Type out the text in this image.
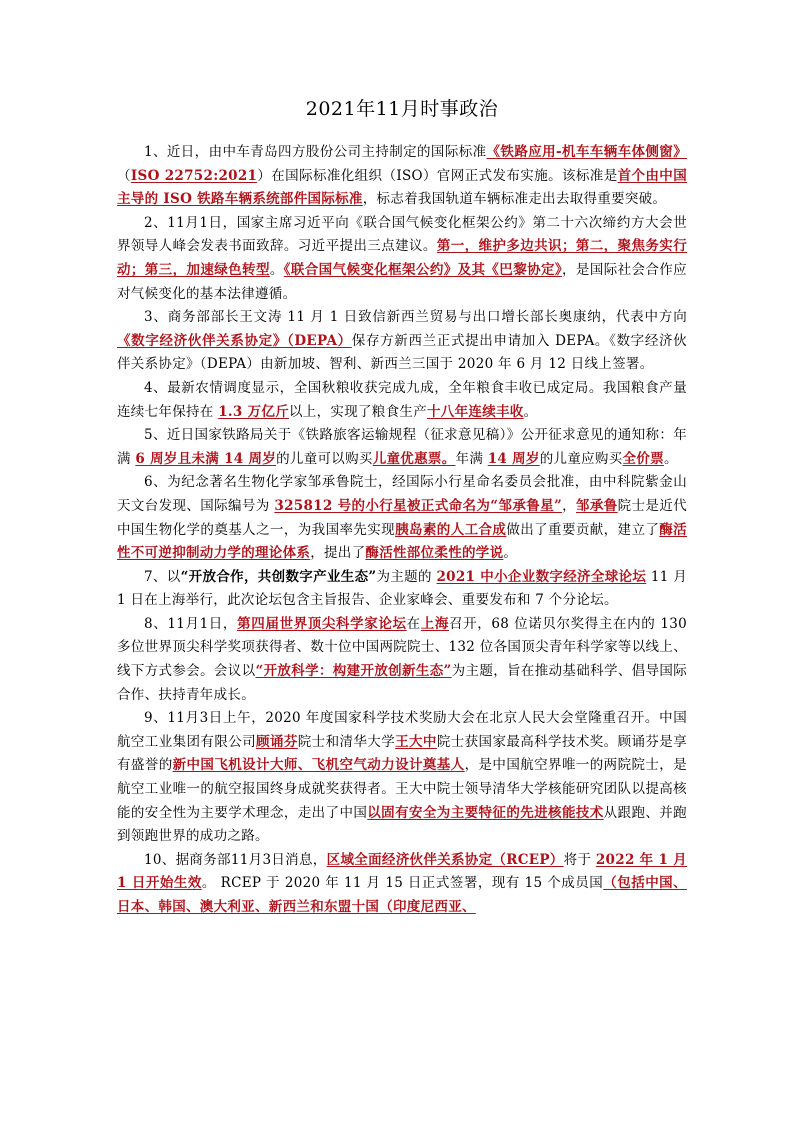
2021年11月时事政治

1、近日，由中车青岛四方股份公司主持制定的国际标准《铁路应用-机车车辆车体侧窗》（ISO 22752:2021）在国际标准化组织（ISO）官网正式发布实施。该标准是首个由中国主导的 ISO 铁路车辆系统部件国际标准，标志着我国轨道车辆标准走出去取得重要突破。

2、11月1日，国家主席习近平向《联合国气候变化框架公约》第二十六次缔约方大会世界领导人峰会发表书面致辞。习近平提出三点建议。第一，维护多边共识；第二，聚焦务实行动；第三，加速绿色转型。《联合国气候变化框架公约》及其《巴黎协定》，是国际社会合作应对气候变化的基本法律遵循。

3、商务部部长王文涛 11 月 1 日致信新西兰贸易与出口增长部长奥康纳，代表中方向《数字经济伙伴关系协定》（DEPA）保存方新西兰正式提出申请加入 DEPA。《数字经济伙伴关系协定》（DEPA）由新加坡、智利、新西兰三国于 2020 年 6 月 12 日线上签署。

4、最新农情调度显示，全国秋粮收获完成九成，全年粮食丰收已成定局。我国粮食产量连续七年保持在 1.3 万亿斤以上，实现了粮食生产十八年连续丰收。

5、近日国家铁路局关于《铁路旅客运输规程（征求意见稿）》公开征求意见的通知称：年满 6 周岁且未满 14 周岁的儿童可以购买儿童优惠票。年满 14 周岁的儿童应购买全价票。

6、为纪念著名生物化学家邹承鲁院士，经国际小行星命名委员会批准，由中科院紫金山天文台发现、国际编号为 325812 号的小行星被正式命名为“邹承鲁星”，邹承鲁院士是近代中国生物化学的奠基人之一，为我国率先实现胰岛素的人工合成做出了重要贡献，建立了酶活性不可逆抑制动力学的理论体系，提出了酶活性部位柔性的学说。

7、以“开放合作，共创数字产业生态”为主题的 2021 中小企业数字经济全球论坛 11 月 1 日在上海举行，此次论坛包含主旨报告、企业家峰会、重要发布和 7 个分论坛。

8、11月1日，第四届世界顶尖科学家论坛在上海召开，68 位诺贝尔奖得主在内的 130 多位世界顶尖科学奖项获得者、数十位中国两院院士、132 位各国顶尖青年科学家等以线上、线下方式参会。会议以“开放科学：构建开放创新生态”为主题，旨在推动基础科学、倡导国际合作、扶持青年成长。

9、11月3日上午，2020 年度国家科学技术奖励大会在北京人民大会堂隆重召开。中国航空工业集团有限公司顾诵芬院士和清华大学王大中院士获国家最高科学技术奖。顾诵芬是享有盛誉的新中国飞机设计大师、飞机空气动力设计奠基人，是中国航空界唯一的两院院士，是航空工业唯一的航空报国终身成就奖获得者。王大中院士领导清华大学核能研究团队以提高核能的安全性为主要学术理念，走出了中国以固有安全为主要特征的先进核能技术从跟跑、并跑到领跑世界的成功之路。

10、据商务部11月3日消息，区域全面经济伙伴关系协定（RCEP）将于 2022 年 1 月 1 日开始生效。 RCEP 于 2020 年 11 月 15 日正式签署，现有 15 个成员国（包括中国、日本、韩国、澳大利亚、新西兰和东盟十国（印度尼西亚、
